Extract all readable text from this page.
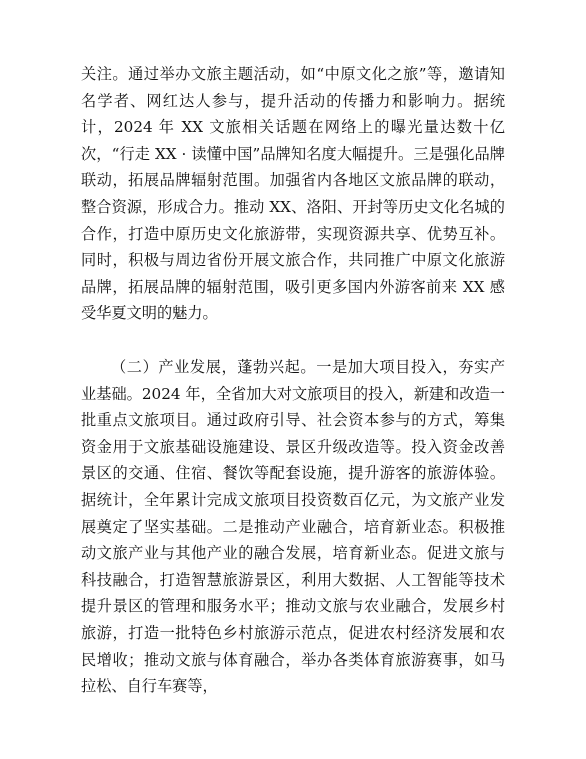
关注。通过举办文旅主题活动，如“中原文化之旅”等，邀请知名学者、网红达人参与，提升活动的传播力和影响力。据统计，2024 年 XX 文旅相关话题在网络上的曝光量达数十亿次，“行走 XX · 读懂中国”品牌知名度大幅提升。三是强化品牌联动，拓展品牌辐射范围。加强省内各地区文旅品牌的联动，整合资源，形成合力。推动 XX、洛阳、开封等历史文化名城的合作，打造中原历史文化旅游带，实现资源共享、优势互补。同时，积极与周边省份开展文旅合作，共同推广中原文化旅游品牌，拓展品牌的辐射范围，吸引更多国内外游客前来 XX 感受华夏文明的魅力。

（二）产业发展，蓬勃兴起。一是加大项目投入，夯实产业基础。2024 年，全省加大对文旅项目的投入，新建和改造一批重点文旅项目。通过政府引导、社会资本参与的方式，筹集资金用于文旅基础设施建设、景区升级改造等。投入资金改善景区的交通、住宿、餐饮等配套设施，提升游客的旅游体验。据统计，全年累计完成文旅项目投资数百亿元，为文旅产业发展奠定了坚实基础。二是推动产业融合，培育新业态。积极推动文旅产业与其他产业的融合发展，培育新业态。促进文旅与科技融合，打造智慧旅游景区，利用大数据、人工智能等技术提升景区的管理和服务水平；推动文旅与农业融合，发展乡村旅游，打造一批特色乡村旅游示范点，促进农村经济发展和农民增收；推动文旅与体育融合，举办各类体育旅游赛事，如马拉松、自行车赛等，
